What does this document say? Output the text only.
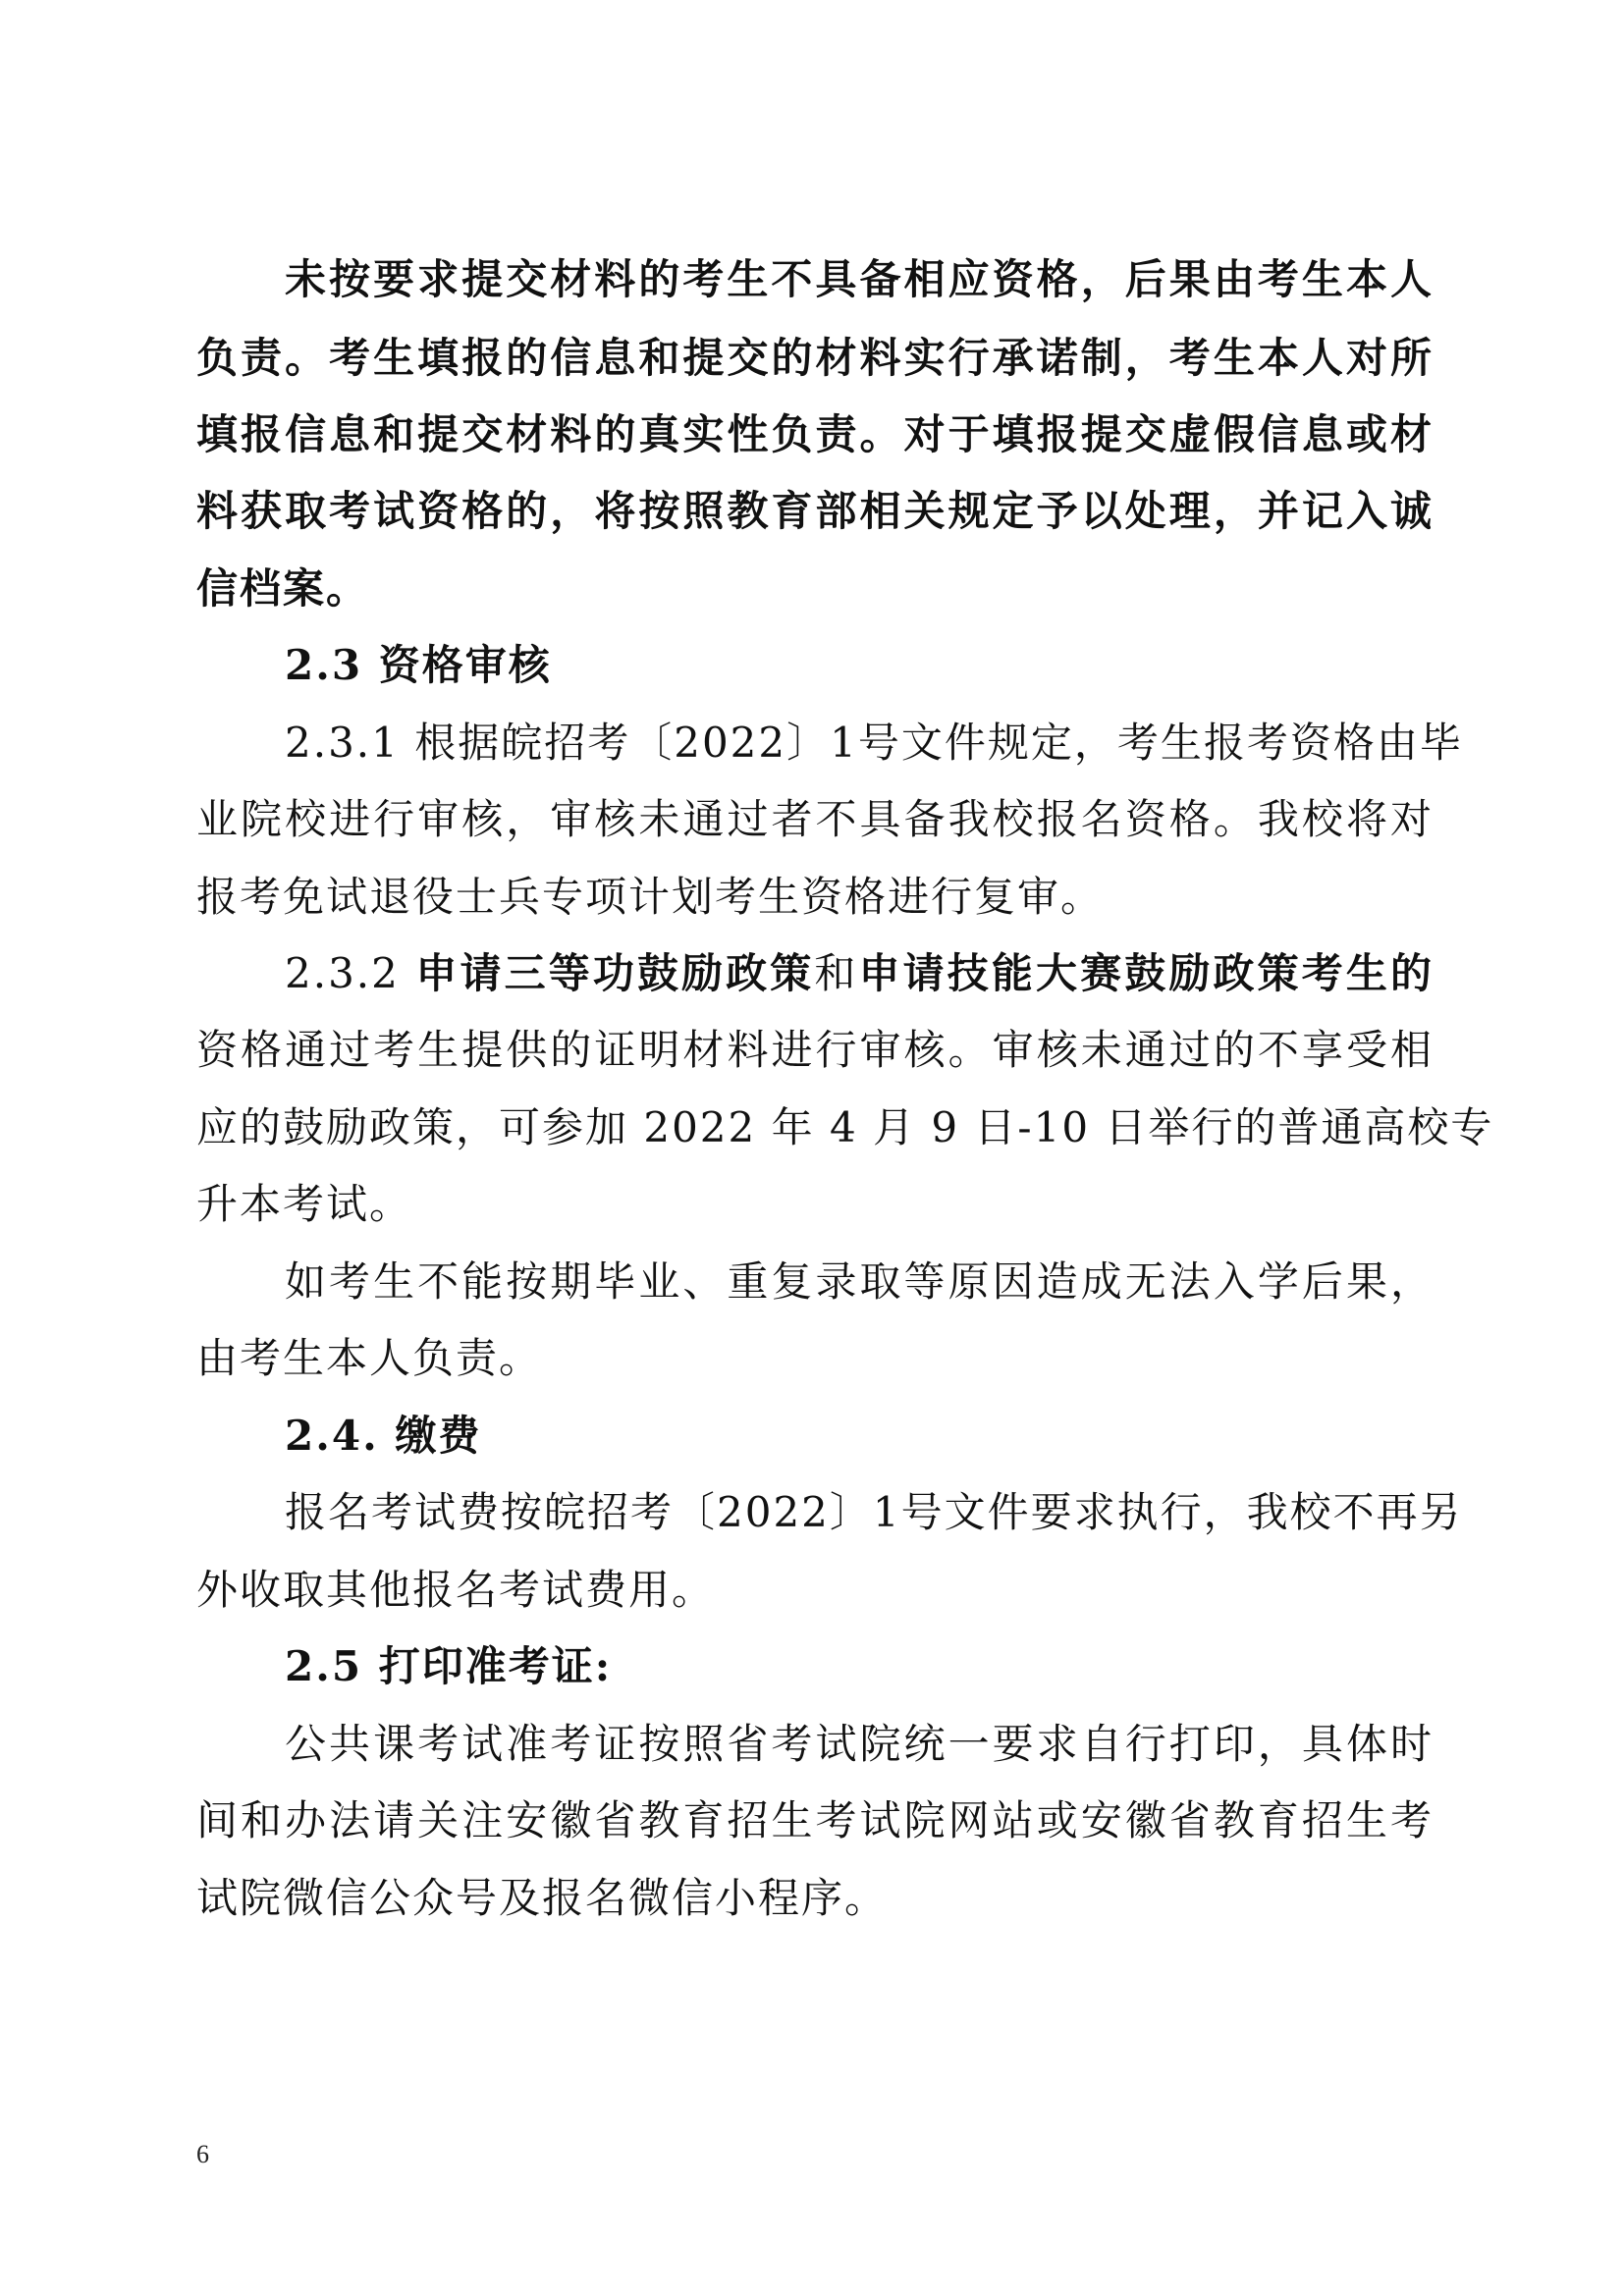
未按要求提交材料的考生不具备相应资格，后果由考生本人
负责。考生填报的信息和提交的材料实行承诺制，考生本人对所
填报信息和提交材料的真实性负责。对于填报提交虚假信息或材
料获取考试资格的，将按照教育部相关规定予以处理，并记入诚
信档案。
2.3 资格审核
2.3.1 根据皖招考〔2022〕1号文件规定，考生报考资格由毕
业院校进行审核，审核未通过者不具备我校报名资格。我校将对
报考免试退役士兵专项计划考生资格进行复审。
2.3.2 申请三等功鼓励政策和申请技能大赛鼓励政策考生的
资格通过考生提供的证明材料进行审核。审核未通过的不享受相
应的鼓励政策，可参加 2022 年 4 月 9 日-10 日举行的普通高校专
升本考试。
如考生不能按期毕业、重复录取等原因造成无法入学后果，
由考生本人负责。
2.4. 缴费
报名考试费按皖招考〔2022〕1号文件要求执行，我校不再另
外收取其他报名考试费用。
2.5 打印准考证:
公共课考试准考证按照省考试院统一要求自行打印，具体时
间和办法请关注安徽省教育招生考试院网站或安徽省教育招生考
试院微信公众号及报名微信小程序。
6
